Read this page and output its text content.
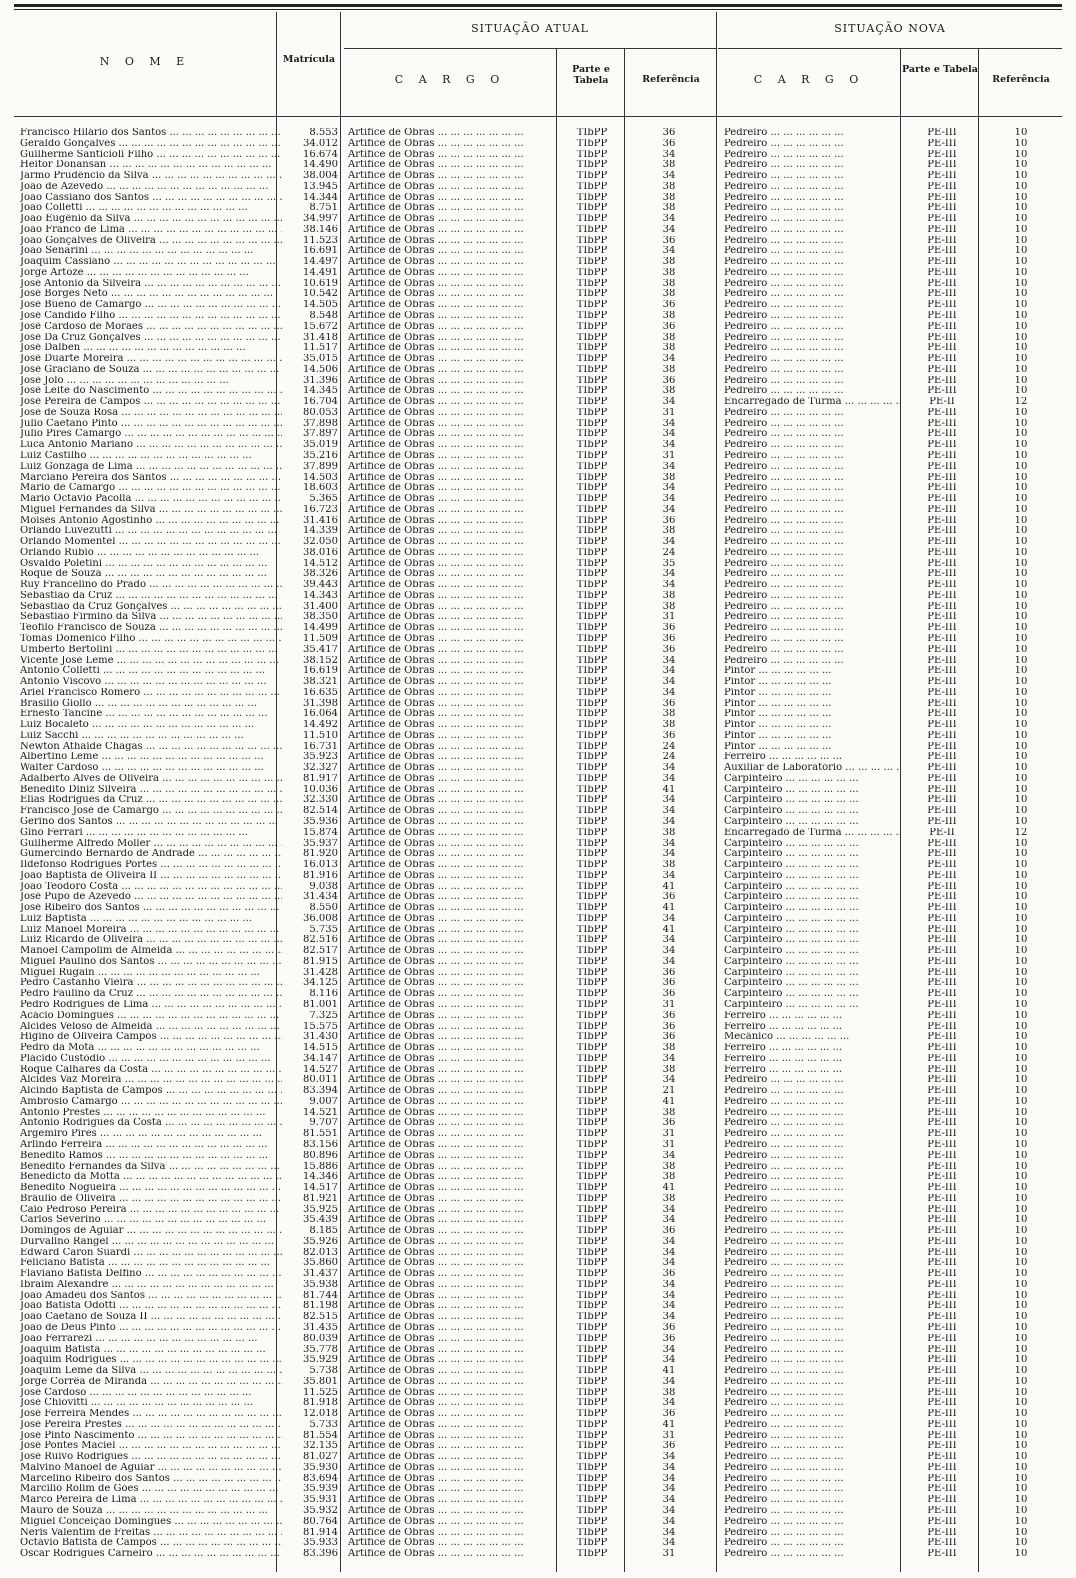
N O M E	Matrícula
SITUAÇÃO ATUAL	SITUAÇÃO NOVA
C A R G O
Parte e Tabela	Referência	C A R G O
Parte e Tabela
Referência
Francisco Hilário dos Santos ... .	8.553 Artífice de Obras ... .	TIbPP	36	Pedreiro ... .	PE-III	10
Geraldo Gonçalves ... .	34.012 Artífice de Obras ... .	TIbPP	36	Pedreiro ... .	PE-III	10
Guilherme Santicioli Filho ... .	16.674 Artífice de Obras ... .	TIbPP	34	Pedreiro ... .	PE-III	10
Heitor Donansan ... .	14.490 Artífice de Obras ... .	TIbPP	38	Pedreiro ... .	PE-III	10
Jarmo Prudêncio da Silva ... .	38.004 Artífice de Obras ... .	TIbPP	34	Pedreiro ... .	PE-III	10
João de Azevedo ... .	13.945 Artífice de Obras ... .	TIbPP	38	Pedreiro ... .	PE-III	10
João Cassiano dos Santos ... .	14.344 Artífice de Obras ... .	TIbPP	38	Pedreiro ... .	PE-III	10
João Colletti ... .	8.751 Artífice de Obras ... .	TIbPP	38	Pedreiro ... .	PE-III	10
João Eugênio da Silva ... .	34.997 Artífice de Obras ... .	TIbPP	34	Pedreiro ... .	PE-III	10
João Franco de Lima ... .	38.146 Artífice de Obras ... .	TIbPP	34	Pedreiro ... .	PE-III	10
João Gonçalves de Oliveira ... .	11.523 Artífice de Obras ... .	TIbPP	36	Pedreiro ... .	PE-III	10
João Senarini ... .	16.691 Artífice de Obras ... .	TIbPP	34	Pedreiro ... .	PE-III	10
Joaquim Cassiano ... .	14.497 Artífice de Obras ... .	TIbPP	38	Pedreiro ... .	PE-III	10
Jorge Artoze ... .	14.491 Artífice de Obras ... .	TIbPP	38	Pedreiro ... .	PE-III	10
José Antonio da Silveira ... .	10.619 Artífice de Obras ... .	TIbPP	38	Pedreiro ... .	PE-III	10
José Borges Neto ... .	10.542 Artífice de Obras ... .	TIbPP	38	Pedreiro ... .	PE-III	10
José Bueno de Camargo ... .	14.505 Artífice de Obras ... .	TIbPP	36	Pedreiro ... .	PE-III	10
José Candido Filho ... .	8.548 Artífice de Obras ... .	TIbPP	38	Pedreiro ... .	PE-III	10
José Cardoso de Moraes ... .	15.672 Artífice de Obras ... .	TIbPP	36	Pedreiro ... .	PE-III	10
José Da Cruz Gonçalves ... .	31.418 Artífice de Obras ... .	TIbPP	38	Pedreiro ... .	PE-III	10
José Dalben ... .	11.517 Artífice de Obras ... .	TIbPP	38	Pedreiro ... .	PE-III	10
José Duarte Moreira ... .	35.015 Artífice de Obras ... .	TIbPP	34	Pedreiro ... .	PE-III	10
José Graciano de Souza ... .	14.506 Artífice de Obras ... .	TIbPP	38	Pedreiro ... .	PE-III	10
José Jolo ... .	31.396 Artífice de Obras ... .	TIbPP	36	Pedreiro ... .	PE-III	10
José Leite do Nascimento ... .	14.345 Artífice de Obras ... .	TIbPP	38	Pedreiro ... .	PE-III	10
José Pereira de Campos ... .	16.704 Artífice de Obras ... .	TIbPP	34	Encarregado de Turma ... .	PE-II	12
José de Souza Rosa ... .	80.053 Artífice de Obras ... .	TIbPP	31	Pedreiro ... .	PE-III	10
Julio Caetano Pinto ... .	37.898 Artífice de Obras ... .	TIbPP	34	Pedreiro ... .	PE-III	10
Julio Pires Camargo ... .	37.897 Artífice de Obras ... .	TIbPP	34	Pedreiro ... .	PE-III	10
Luca Antonio Mariano ... .	35.019 Artífice de Obras ... .	TIbPP	34	Pedreiro ... .	PE-III	10
Luiz Castilho ... .	35.216 Artífice de Obras ... .	TIbPP	31	Pedreiro ... .	PE-III	10
Luiz Gonzaga de Lima ... .	37.899 Artífice de Obras ... .	TIbPP	34	Pedreiro ... .	PE-III	10
Marciano Pereira dos Santos ... .	14.503 Artífice de Obras ... .	TIbPP	38	Pedreiro ... .	PE-III	10
Mario de Camargo ... .	18.603 Artífice de Obras ... .	TIbPP	34	Pedreiro ... .	PE-III	10
Mario Octavio Pacolla ... .	5.365 Artífice de Obras ... .	TIbPP	34	Pedreiro ... .	PE-III	10
Miguel Fernandes da Silva ... .	16.723 Artífice de Obras ... .	TIbPP	34	Pedreiro ... .	PE-III	10
Moisés Antonio Agostinho ... .	31.416 Artífice de Obras ... .	TIbPP	36	Pedreiro ... .	PE-III	10
Orlando Luvezutti ... .	14.339 Artífice de Obras ... .	TIbPP	38	Pedreiro ... .	PE-III	10
Orlando Momentel ... .	32.050 Artífice de Obras ... .	TIbPP	34	Pedreiro ... .	PE-III	10
Orlando Rubio ... .	38.016 Artífice de Obras ... .	TIbPP	24	Pedreiro ... .	PE-III	10
Osvaldo Poletini ... .	14.512 Artífice de Obras ... .	TIbPP	35	Pedreiro ... .	PE-III	10
Roque de Souza ... .	38.326 Artífice de Obras ... .	TIbPP	34	Pedreiro ... .	PE-III	10
Ruy Francelino do Prado ... .	39.443 Artífice de Obras ... .	TIbPP	34	Pedreiro ... .	PE-III	10
Sebastião da Cruz ... .	14.343 Artífice de Obras ... .	TIbPP	38	Pedreiro ... .	PE-III	10
Sebastião da Cruz Gonçalves ... .	31.400 Artífice de Obras ... .	TIbPP	38	Pedreiro ... .	PE-III	10
Sebastião Firmino da Silva ... .	38.350 Artífice de Obras ... .	TIbPP	31	Pedreiro ... .	PE-III	10
Teofilo Francisco de Souza ... .	14.499 Artífice de Obras ... .	TIbPP	36	Pedreiro ... .	PE-III	10
Tomas Domenico Filho ... .	11.509 Artífice de Obras ... .	TIbPP	36	Pedreiro ... .	PE-III	10
Umberto Bertolini ... .	35.417 Artífice de Obras ... .	TIbPP	36	Pedreiro ... .	PE-III	10
Vicente José Leme ... .	38.152 Artífice de Obras ... .	TIbPP	34	Pedreiro ... .	PE-III	10
Antonio Colletti ... .	16.619 Artífice de Obras ... .	TIbPP	34	Pintor ... .	PE-III	10
Antonio Viscovo ... .	38.321 Artífice de Obras ... .	TIbPP	34	Pintor ... .	PE-III	10
Ariel Francisco Romero ... .	16.635 Artífice de Obras ... .	TIbPP	34	Pintor ... .	PE-III	10
Brasilio Giollo ... .	31.398 Artífice de Obras ... .	TIbPP	36	Pintor ... .	PE-III	10
Ernesto Tancine ... .	16.064 Artífice de Obras ... .	TIbPP	38	Pintor ... .	PE-III	10
Luiz Bocaleto ... .	14.492 Artífice de Obras ... .	TIbPP	38	Pintor ... .	PE-III	10
Luiz Sacchi ... .	11.510 Artífice de Obras ... .	TIbPP	36	Pintor ... .	PE-III	10
Newton Athaide Chagas ... .	16.731 Artífice de Obras ... .	TIbPP	24	Pintor ... .	PE-III	10
Albertino Leme ... .	35.923 Artífice de Obras ... .	TIbPP	24	Ferreiro ... .	PE-III	10
Walter Cardoso ... .	32.327 Artífice de Obras ... .	TIbPP	34	Auxiliar de Laboratório ... .	PE-III	10
Adalberto Alves de Oliveira ... .	81.917 Artífice de Obras ... .	TIbPP	34	Carpinteiro ... .	PE-III	10
Benedito Diniz Silveira ... .	10.036 Artífice de Obras ... .	TIbPP	41	Carpinteiro ... .	PE-III	10
Elias Rodrigues da Cruz ... .	32.330 Artífice de Obras ... .	TIbPP	34	Carpinteiro ... .	PE-III	10
Francisco José de Camargo ... .	82.514 Artífice de Obras ... .	TIbPP	34	Carpinteiro ... .	PE-III	10
Gerino dos Santos ... .	35.936 Artífice de Obras ... .	TIbPP	34	Carpinteiro ... .	PE-III	10
Gino Ferrari ... .	15.874 Artífice de Obras ... .	TIbPP	38	Encarregado de Turma ... .	PE-II	12
Guilherme Alfredo Moller ... .	35.937 Artífice de Obras ... .	TIbPP	34	Carpinteiro ... .	PE-III	10
Gumercindo Bernardo de Andrade ... .	81.920 Artífice de Obras ... .	TIbPP	34	Carpinteiro ... .	PE-III	10
Ildefonso Rodrigues Portes ... .	16.013 Artífice de Obras ... .	TIbPP	38	Carpinteiro ... .	PE-III	10
João Baptista de Oliveira II ... .	81.916 Artífice de Obras ... .	TIbPP	34	Carpinteiro ... .	PE-III	10
João Teodoro Costa ... .	9.038 Artífice de Obras ... .	TIbPP	41	Carpinteiro ... .	PE-III	10
José Pupo de Azevedo ... .	31.434 Artífice de Obras ... .	TIbPP	36	Carpinteiro ... .	PE-III	10
José Ribeiro dos Santos ... .	8.550 Artífice de Obras ... .	TIbPP	41	Carpinteiro ... .	PE-III	10
Luiz Baptista ... .	36.008 Artífice de Obras ... .	TIbPP	34	Carpinteiro ... .	PE-III	10
Luiz Manoel Moreira ... .	5.735 Artífice de Obras ... .	TIbPP	41	Carpinteiro ... .	PE-III	10
Luiz Ricardo de Oliveira ... .	82.516 Artífice de Obras ... .	TIbPP	34	Carpinteiro ... .	PE-III	10
Manoel Campolim de Almeida ... .	82.517 Artífice de Obras ... .	TIbPP	34	Carpinteiro ... .	PE-III	10
Miguel Paulino dos Santos ... .	81.915 Artífice de Obras ... .	TIbPP	34	Carpinteiro ... .	PE-III	10
Miguel Rugain ... .	31.428 Artífice de Obras ... .	TIbPP	36	Carpinteiro ... .	PE-III	10
Pedro Castanho Vieira ... .	34.125 Artífice de Obras ... .	TIbPP	36	Carpinteiro ... .	PE-III	10
Pedro Faulino da Cruz ... .	8.116 Artífice de Obras ... .	TIbPP	36	Carpinteiro ... .	PE-III	10
Pedro Rodrigues de Lima ... .	81.001 Artífice de Obras ... .	TIbPP	31	Carpinteiro ... .	PE-III	10
Acácio Domingues ... .	7.325 Artífice de Obras ... .	TIbPP	36	Ferreiro ... .	PE-III	10
Alcides Veloso de Almeida ... .	15.575 Artífice de Obras ... .	TIbPP	36	Ferreiro ... .	PE-III	10
Higino de Oliveira Campos ... .	31.430 Artífice de Obras ... .	TIbPP	36	Mecânico ... .	PE-III	10
Pedro da Mota ... .	14.515 Artífice de Obras ... .	TIbPP	38	Ferreiro ... .	PE-III	10
Plácido Custódio ... .	34.147 Artífice de Obras ... .	TIbPP	34	Ferreiro ... .	PE-III	10
Roque Calhares da Costa ... .	14.527 Artífice de Obras ... .	TIbPP	38	Ferreiro ... .	PE-III	10
Alcides Vaz Moreira ... .	80.011 Artífice de Obras ... .	TIbPP	34	Pedreiro ... .	PE-III	10
Alcindo Baptista de Campos ... .	83.394 Artífice de Obras ... .	TIbPP	21	Pedreiro ... .	PE-III	10
Ambrosio Camargo ... .	9.007 Artífice de Obras ... .	TIbPP	41	Pedreiro ... .	PE-III	10
Antonio Prestes ... .	14.521 Artífice de Obras ... .	TIbPP	38	Pedreiro ... .	PE-III	10
Antonio Rodrigues da Costa ... .	9.707 Artífice de Obras ... .	TIbPP	36	Pedreiro ... .	PE-III	10
Argemiro Pires ... .	81.551 Artífice de Obras ... .	TIbPP	31	Pedreiro ... .	PE-III	10
Arlindo Ferreira ... .	83.156 Artífice de Obras ... .	TIbPP	31	Pedreiro ... .	PE-III	10
Benedito Ramos ... .	80.896 Artífice de Obras ... .	TIbPP	34	Pedreiro ... .	PE-III	10
Benedito Fernandes da Silva ... .	15.886 Artífice de Obras ... .	TIbPP	38	Pedreiro ... .	PE-III	10
Benedicto da Motta ... .	14.346 Artífice de Obras ... .	TIbPP	38	Pedreiro ... .	PE-III	10
Benedito Nogueira ... .	14.517 Artífice de Obras ... .	TIbPP	41	Pedreiro ... .	PE-III	10
Bráulio de Oliveira ... .	81.921 Artífice de Obras ... .	TIbPP	38	Pedreiro ... .	PE-III	10
Caio Pedroso Pereira ... .	35.925 Artífice de Obras ... .	TIbPP	34	Pedreiro ... .	PE-III	10
Carlos Severino ... .	35.439 Artífice de Obras ... .	TIbPP	34	Pedreiro ... .	PE-III	10
Domingos de Aguiar ... .	8.185 Artífice de Obras ... .	TIbPP	36	Pedreiro ... .	PE-III	10
Durvalino Rangel ... .	35.926 Artífice de Obras ... .	TIbPP	34	Pedreiro ... .	PE-III	10
Edward Caron Suardi ... .	82.013 Artífice de Obras ... .	TIbPP	34	Pedreiro ... .	PE-III	10
Feliciano Batista ... .	35.860 Artífice de Obras ... .	TIbPP	34	Pedreiro ... .	PE-III	10
Flaviano Batista Delfino ... .	31.437 Artífice de Obras ... .	TIbPP	36	Pedreiro ... .	PE-III	10
Ibraim Alexandre ... .	35.938 Artífice de Obras ... .	TIbPP	34	Pedreiro ... .	PE-III	10
João Amadeu dos Santos ... .	81.744 Artífice de Obras ... .	TIbPP	34	Pedreiro ... .	PE-III	10
João Batista Odotti ... .	81.198 Artífice de Obras ... .	TIbPP	34	Pedreiro ... .	PE-III	10
João Caetano de Souza II ... .	82.515 Artífice de Obras ... .	TIbPP	34	Pedreiro ... .	PE-III	10
João de Deus Pinto ... .	31.435 Artífice de Obras ... .	TIbPP	36	Pedreiro ... .	PE-III	10
João Ferrarezi ... .	80.039 Artífice de Obras ... .	TIbPP	36	Pedreiro ... .	PE-III	10
Joaquim Batista ... .	35.778 Artífice de Obras ... .	TIbPP	34	Pedreiro ... .	PE-III	10
Joaquim Rodrigues ... .	35.929 Artífice de Obras ... .	TIbPP	34	Pedreiro ... .	PE-III	10
Joaquim Leme da Silva ... .	5.738 Artífice de Obras ... .	TIbPP	41	Pedreiro ... .	PE-III	10
Jorge Corrêa de Miranda ... .	35.801 Artífice de Obras ... .	TIbPP	34	Pedreiro ... .	PE-III	10
José Cardoso ... .	11.525 Artífice de Obras ... .	TIbPP	38	Pedreiro ... .	PE-III	10
José Chiovitti ... .	81.918 Artífice de Obras ... .	TIbPP	34	Pedreiro ... .	PE-III	10
José Ferreira Mendes ... .	12.018 Artífice de Obras ... .	TIbPP	36	Pedreiro ... .	PE-III	10
José Pereira Prestes ... .	5.733 Artífice de Obras ... .	TIbPP	41	Pedreiro ... .	PE-III	10
José Pinto Nascimento ... .	81.554 Artífice de Obras ... .	TIbPP	31	Pedreiro ... .	PE-III	10
José Pontes Maciel ... .	32.135 Artífice de Obras ... .	TIbPP	36	Pedreiro ... .	PE-III	10
José Ruivo Rodrigues ... .	81.027 Artífice de Obras ... .	TIbPP	34	Pedreiro ... .	PE-III	10
Malvino Manoel de Aguiar ... .	35.930 Artífice de Obras ... .	TIbPP	34	Pedreiro ... .	PE-III	10
Marcelino Ribeiro dos Santos ... .	83.694 Artífice de Obras ... .	TIbPP	34	Pedreiro ... .	PE-III	10
Marcilio Rolim de Góes ... .	35.939 Artífice de Obras ... .	TIbPP	34	Pedreiro ... .	PE-III	10
Marco Pereira de Lima ... .	35.931 Artífice de Obras ... .	TIbPP	34	Pedreiro ... .	PE-III	10
Mauro de Souza ... .	35.932 Artífice de Obras ... .	TIbPP	34	Pedreiro ... .	PE-III	10
Miguel Conceição Domingues ... .	80.764 Artífice de Obras ... .	TIbPP	34	Pedreiro ... .	PE-III	10
Neris Valentim de Freitas ... .	81.914 Artífice de Obras ... .	TIbPP	34	Pedreiro ... .	PE-III	10
Octávio Batista de Campos ... .	35.933 Artífice de Obras ... .	TIbPP	34	Pedreiro ... .	PE-III	10
Oscar Rodrigues Carneiro ... .	83.396 Artífice de Obras ... .	TIbPP	31	Pedreiro ... .	PE-III	10
